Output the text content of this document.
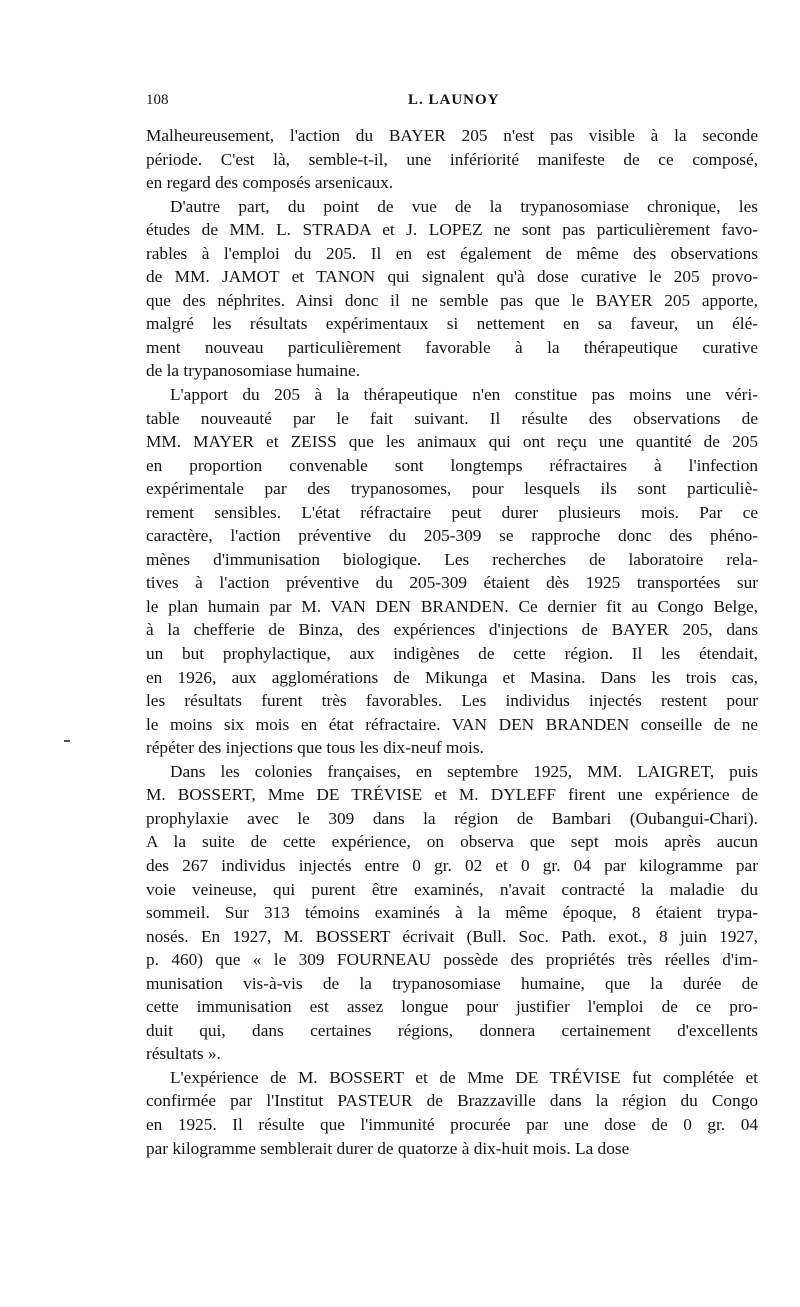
108	L. LAUNOY

Malheureusement, l'action du BAYER 205 n'est pas visible à la seconde
période. C'est là, semble-t-il, une infériorité manifeste de ce composé,
en regard des composés arsenicaux.

D'autre part, du point de vue de la trypanosomiase chronique, les
études de MM. L. STRADA et J. LOPEZ ne sont pas particulièrement favo-
rables à l'emploi du 205. Il en est également de même des observations
de MM. JAMOT et TANON qui signalent qu'à dose curative le 205 provo-
que des néphrites. Ainsi donc il ne semble pas que le BAYER 205 apporte,
malgré les résultats expérimentaux si nettement en sa faveur, un élé-
ment nouveau particulièrement favorable à la thérapeutique curative
de la trypanosomiase humaine.

L'apport du 205 à la thérapeutique n'en constitue pas moins une véri-
table nouveauté par le fait suivant. Il résulte des observations de
MM. MAYER et ZEISS que les animaux qui ont reçu une quantité de 205
en proportion convenable sont longtemps réfractaires à l'infection
expérimentale par des trypanosomes, pour lesquels ils sont particuliè-
rement sensibles. L'état réfractaire peut durer plusieurs mois. Par ce
caractère, l'action préventive du 205-309 se rapproche donc des phéno-
mènes d'immunisation biologique. Les recherches de laboratoire rela-
tives à l'action préventive du 205-309 étaient dès 1925 transportées sur
le plan humain par M. VAN DEN BRANDEN. Ce dernier fit au Congo Belge,
à la chefferie de Binza, des expériences d'injections de BAYER 205, dans
un but prophylactique, aux indigènes de cette région. Il les étendait,
en 1926, aux agglomérations de Mikunga et Masina. Dans les trois cas,
les résultats furent très favorables. Les individus injectés restent pour
le moins six mois en état réfractaire. VAN DEN BRANDEN conseille de ne
répéter des injections que tous les dix-neuf mois.

Dans les colonies françaises, en septembre 1925, MM. LAIGRET, puis
M. BOSSERT, Mme DE TRÉVISE et M. DYLEFF firent une expérience de
prophylaxie avec le 309 dans la région de Bambari (Oubangui-Chari).
A la suite de cette expérience, on observa que sept mois après aucun
des 267 individus injectés entre 0 gr. 02 et 0 gr. 04 par kilogramme par
voie veineuse, qui purent être examinés, n'avait contracté la maladie du
sommeil. Sur 313 témoins examinés à la même époque, 8 étaient trypa-
nosés. En 1927, M. BOSSERT écrivait (Bull. Soc. Path. exot., 8 juin 1927,
p. 460) que « le 309 FOURNEAU possède des propriétés très réelles d'im-
munisation vis-à-vis de la trypanosomiase humaine, que la durée de
cette immunisation est assez longue pour justifier l'emploi de ce pro-
duit qui, dans certaines régions, donnera certainement d'excellents
résultats ».

L'expérience de M. BOSSERT et de Mme DE TRÉVISE fut complétée et
confirmée par l'Institut PASTEUR de Brazzaville dans la région du Congo
en 1925. Il résulte que l'immunité procurée par une dose de 0 gr. 04
par kilogramme semblerait durer de quatorze à dix-huit mois. La dose
